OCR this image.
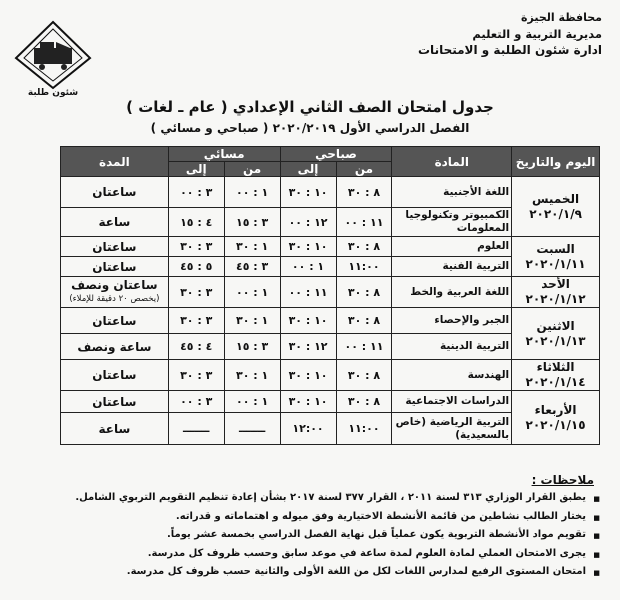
محافظة الجيزة
مديرية التربية و التعليم
ادارة شئون الطلبة و الامتحانات
شئون طلبة
جدول امتحان الصف الثاني الإعدادي ( عام ـ لغات )
الفصل الدراسي الأول ٢٠٢٠/٢٠١٩ ( صباحي و مسائي )
اليوم والتاريخ	المادة	صباحي		مسائي		المدة
		من	إلى	من	إلى	

الخميس
٢٠٢٠/١/٩	اللغة الأجنبية	٨ : ٣٠	١٠ : ٣٠	١ : ٠٠	٣ : ٠٠	ساعتان
	الكمبيوتر وتكنولوجيا المعلومات	١١ : ٠٠	١٢ : ٠٠	٣ : ١٥	٤ : ١٥	ساعة

السبت
٢٠٢٠/١/١١	العلوم	٨ : ٣٠	١٠ : ٣٠	١ : ٣٠	٣ : ٣٠	ساعتان
	التربية الفنية	١١:٠٠	١ : ٠٠	٣ : ٤٥	٥ : ٤٥	ساعتان

الأحد
٢٠٢٠/١/١٢	اللغة العربية والخط	٨ : ٣٠	١١ : ٠٠	١ : ٠٠	٣ : ٣٠	ساعتان ونصف
(يخصص ٢٠ دقيقة للإملاء)

الاثنين
٢٠٢٠/١/١٣	الجبر والإحصاء	٨ : ٣٠	١٠ : ٣٠	١ : ٣٠	٣ : ٣٠	ساعتان
	التربية الدينية	١١ : ٠٠	١٢ : ٣٠	٣ : ١٥	٤ : ٤٥	ساعة ونصف

الثلاثاء
٢٠٢٠/١/١٤	الهندسة	٨ : ٣٠	١٠ : ٣٠	١ : ٣٠	٣ : ٣٠	ساعتان

الأربعاء
٢٠٢٠/١/١٥	الدراسات الاجتماعية	٨ : ٣٠	١٠ : ٣٠	١ : ٠٠	٣ : ٠٠	ساعتان
	التربية الرياضية (خاص بالسعيدية)	١١:٠٠	١٢:٠٠	ـــــــ	ـــــــ	ساعة
ملاحظات :
■ يطبق القرار الوزاري ٣١٣ لسنة ٢٠١١ ، القرار ٣٧٧ لسنة ٢٠١٧ بشأن إعادة تنظيم التقويم التربوي الشامل.
■ يختار الطالب نشاطين من قائمة الأنشطة الاختيارية وفق ميوله و اهتماماته و قدراته.
■ تقويم مواد الأنشطة التربوية يكون عملياً قبل نهاية الفصل الدراسي بخمسة عشر يوماً.
■ يجرى الامتحان العملي لمادة العلوم لمدة ساعة في موعد سابق وحسب ظروف كل مدرسة.
■ امتحان المستوى الرفيع لمدارس اللغات لكل من اللغة الأولى والثانية حسب ظروف كل مدرسة.
